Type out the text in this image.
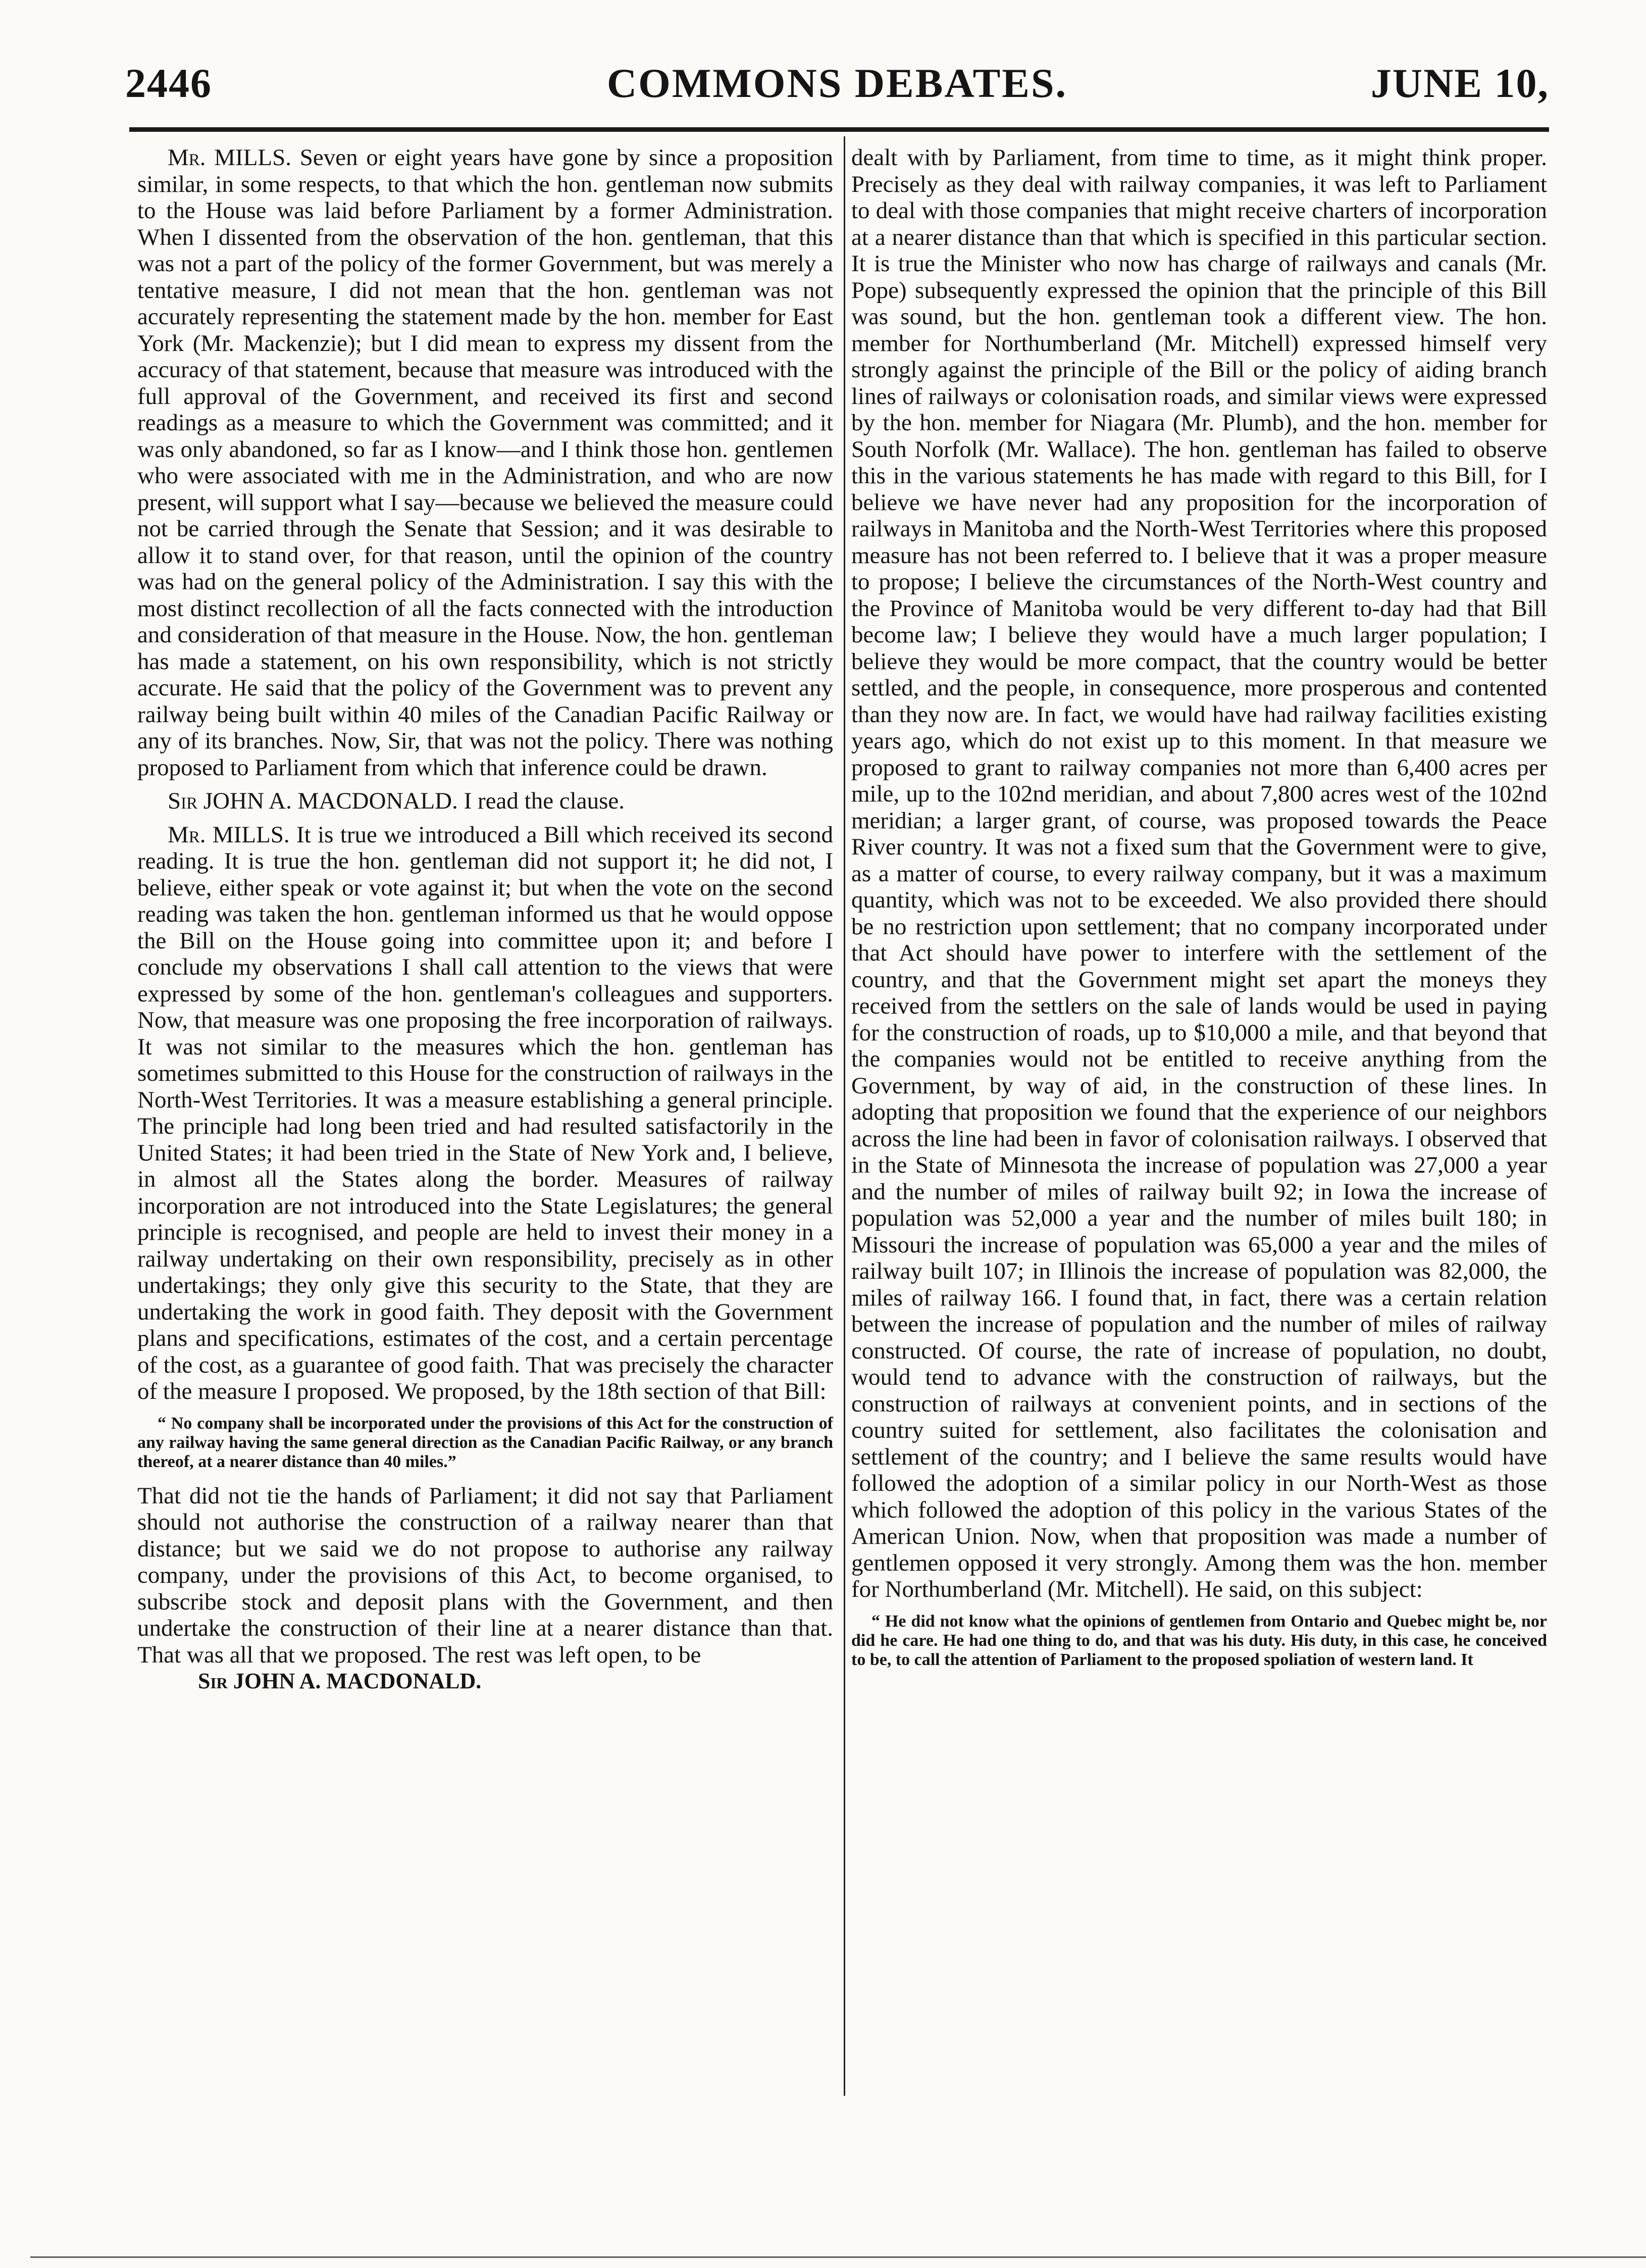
2446	COMMONS DEBATES.	JUNE 10,

Mr. MILLS. Seven or eight years have gone by since a proposition similar, in some respects, to that which the hon. gentleman now submits to the House was laid before Parliament by a former Administration. When I dissented from the observation of the hon. gentleman, that this was not a part of the policy of the former Government, but was merely a tentative measure, I did not mean that the hon. gentleman was not accurately representing the statement made by the hon. member for East York (Mr. Mackenzie); but I did mean to express my dissent from the accuracy of that statement, because that measure was introduced with the full approval of the Government, and received its first and second readings as a measure to which the Government was committed; and it was only abandoned, so far as I know—and I think those hon. gentlemen who were associated with me in the Administration, and who are now present, will support what I say—because we believed the measure could not be carried through the Senate that Session; and it was desirable to allow it to stand over, for that reason, until the opinion of the country was had on the general policy of the Administration. I say this with the most distinct recollection of all the facts connected with the introduction and consideration of that measure in the House. Now, the hon. gentleman has made a statement, on his own responsibility, which is not strictly accurate. He said that the policy of the Government was to prevent any railway being built within 40 miles of the Canadian Pacific Railway or any of its branches. Now, Sir, that was not the policy. There was nothing proposed to Parliament from which that inference could be drawn.

Sir JOHN A. MACDONALD. I read the clause.

Mr. MILLS. It is true we introduced a Bill which received its second reading. It is true the hon. gentleman did not support it; he did not, I believe, either speak or vote against it; but when the vote on the second reading was taken the hon. gentleman informed us that he would oppose the Bill on the House going into committee upon it; and before I conclude my observations I shall call attention to the views that were expressed by some of the hon. gentleman's colleagues and supporters. Now, that measure was one proposing the free incorporation of railways. It was not similar to the measures which the hon. gentleman has sometimes submitted to this House for the construction of railways in the North-West Territories. It was a measure establishing a general principle. The principle had long been tried and had resulted satisfactorily in the United States; it had been tried in the State of New York and, I believe, in almost all the States along the border. Measures of railway incorporation are not introduced into the State Legislatures; the general principle is recognised, and people are held to invest their money in a railway undertaking on their own responsibility, precisely as in other undertakings; they only give this security to the State, that they are undertaking the work in good faith. They deposit with the Government plans and specifications, estimates of the cost, and a certain percentage of the cost, as a guarantee of good faith. That was precisely the character of the measure I proposed. We proposed, by the 18th section of that Bill:

“ No company shall be incorporated under the provisions of this Act for the construction of any railway having the same general direction as the Canadian Pacific Railway, or any branch thereof, at a nearer distance than 40 miles.”

That did not tie the hands of Parliament; it did not say that Parliament should not authorise the construction of a railway nearer than that distance; but we said we do not propose to authorise any railway company, under the provisions of this Act, to become organised, to subscribe stock and deposit plans with the Government, and then undertake the construction of their line at a nearer distance than that. That was all that we proposed. The rest was left open, to be

Sir JOHN A. MACDONALD.

dealt with by Parliament, from time to time, as it might think proper. Precisely as they deal with railway companies, it was left to Parliament to deal with those companies that might receive charters of incorporation at a nearer distance than that which is specified in this particular section. It is true the Minister who now has charge of railways and canals (Mr. Pope) subsequently expressed the opinion that the principle of this Bill was sound, but the hon. gentleman took a different view. The hon. member for Northumberland (Mr. Mitchell) expressed himself very strongly against the principle of the Bill or the policy of aiding branch lines of railways or colonisation roads, and similar views were expressed by the hon. member for Niagara (Mr. Plumb), and the hon. member for South Norfolk (Mr. Wallace). The hon. gentleman has failed to observe this in the various statements he has made with regard to this Bill, for I believe we have never had any proposition for the incorporation of railways in Manitoba and the North-West Territories where this proposed measure has not been referred to. I believe that it was a proper measure to propose; I believe the circumstances of the North-West country and the Province of Manitoba would be very different to-day had that Bill become law; I believe they would have a much larger population; I believe they would be more compact, that the country would be better settled, and the people, in consequence, more prosperous and contented than they now are. In fact, we would have had railway facilities existing years ago, which do not exist up to this moment. In that measure we proposed to grant to railway companies not more than 6,400 acres per mile, up to the 102nd meridian, and about 7,800 acres west of the 102nd meridian; a larger grant, of course, was proposed towards the Peace River country. It was not a fixed sum that the Government were to give, as a matter of course, to every railway company, but it was a maximum quantity, which was not to be exceeded. We also provided there should be no restriction upon settlement; that no company incorporated under that Act should have power to interfere with the settlement of the country, and that the Government might set apart the moneys they received from the settlers on the sale of lands would be used in paying for the construction of roads, up to $10,000 a mile, and that beyond that the companies would not be entitled to receive anything from the Government, by way of aid, in the construction of these lines. In adopting that proposition we found that the experience of our neighbors across the line had been in favor of colonisation railways. I observed that in the State of Minnesota the increase of population was 27,000 a year and the number of miles of railway built 92; in Iowa the increase of population was 52,000 a year and the number of miles built 180; in Missouri the increase of population was 65,000 a year and the miles of railway built 107; in Illinois the increase of population was 82,000, the miles of railway 166. I found that, in fact, there was a certain relation between the increase of population and the number of miles of railway constructed. Of course, the rate of increase of population, no doubt, would tend to advance with the construction of railways, but the construction of railways at convenient points, and in sections of the country suited for settlement, also facilitates the colonisation and settlement of the country; and I believe the same results would have followed the adoption of a similar policy in our North-West as those which followed the adoption of this policy in the various States of the American Union. Now, when that proposition was made a number of gentlemen opposed it very strongly. Among them was the hon. member for Northumberland (Mr. Mitchell). He said, on this subject:

“ He did not know what the opinions of gentlemen from Ontario and Quebec might be, nor did he care. He had one thing to do, and that was his duty. His duty, in this case, he conceived to be, to call the attention of Parliament to the proposed spoliation of western land. It
